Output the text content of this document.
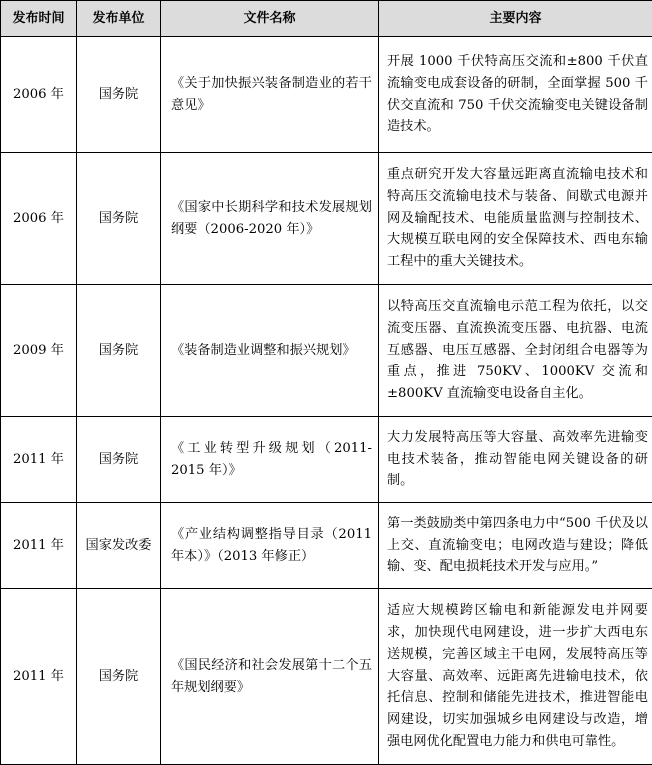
发布时间	发布单位	文件名称	主要内容
2006 年	国务院	《关于加快振兴装备制造业的若干意见》	开展 1000 千伏特高压交流和±800 千伏直流输变电成套设备的研制，全面掌握 500 千伏交直流和 750 千伏交流输变电关键设备制造技术。
2006 年	国务院	《国家中长期科学和技术发展规划纲要（2006-2020 年）》	重点研究开发大容量远距离直流输电技术和特高压交流输电技术与装备、间歇式电源并网及输配技术、电能质量监测与控制技术、大规模互联电网的安全保障技术、西电东输工程中的重大关键技术。
2009 年	国务院	《装备制造业调整和振兴规划》	以特高压交直流输电示范工程为依托，以交流变压器、直流换流变压器、电抗器、电流互感器、电压互感器、全封闭组合电器等为重点，推进 750KV、1000KV 交流和±800KV 直流输变电设备自主化。
2011 年	国务院	《工业转型升级规划（2011-2015 年）》	大力发展特高压等大容量、高效率先进输变电技术装备，推动智能电网关键设备的研制。
2011 年	国家发改委	《产业结构调整指导目录（2011 年本）》（2013 年修正）	第一类鼓励类中第四条电力中“500 千伏及以上交、直流输变电；电网改造与建设；降低输、变、配电损耗技术开发与应用。”
2011 年	国务院	《国民经济和社会发展第十二个五年规划纲要》	适应大规模跨区输电和新能源发电并网要求，加快现代电网建设，进一步扩大西电东送规模，完善区域主干电网，发展特高压等大容量、高效率、远距离先进输电技术，依托信息、控制和储能先进技术，推进智能电网建设，切实加强城乡电网建设与改造，增强电网优化配置电力能力和供电可靠性。
